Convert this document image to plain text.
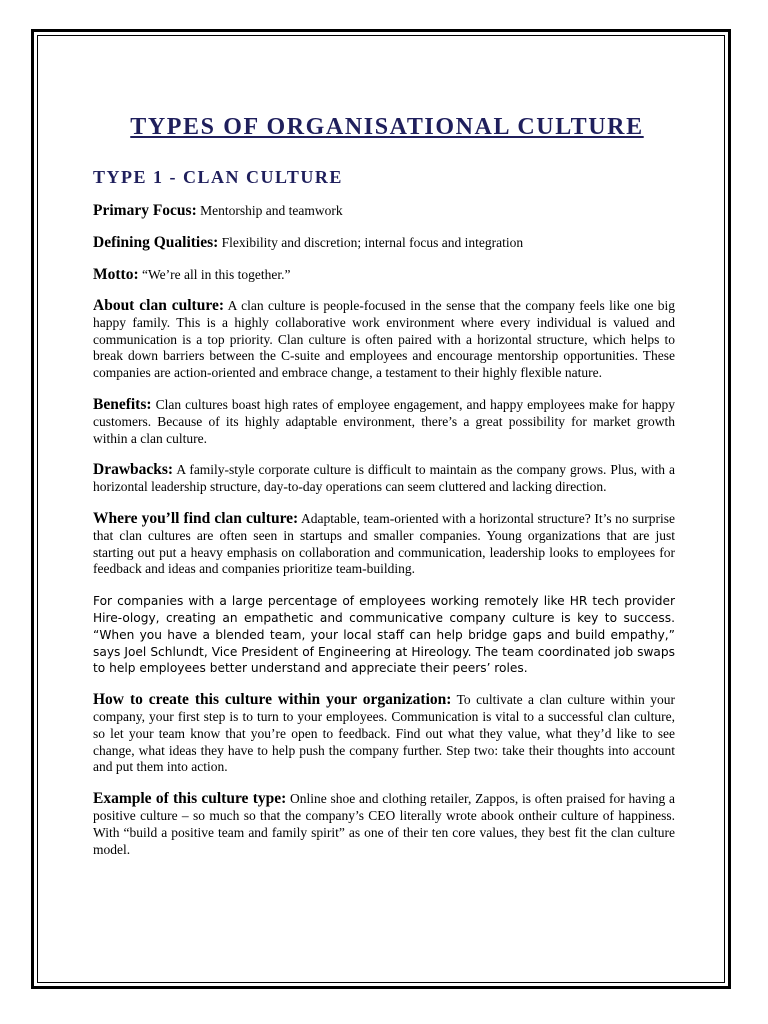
TYPES OF ORGANISATIONAL CULTURE
TYPE 1 - CLAN CULTURE

Primary Focus: Mentorship and teamwork

Defining Qualities: Flexibility and discretion; internal focus and integration

Motto: “We’re all in this together.”

About clan culture: A clan culture is people-focused in the sense that the company feels like one big happy family. This is a highly collaborative work environment where every individual is valued and communication is a top priority. Clan culture is often paired with a horizontal structure, which helps to break down barriers between the C-suite and employees and encourage mentorship opportunities. These companies are action-oriented and embrace change, a testament to their highly flexible nature.

Benefits: Clan cultures boast high rates of employee engagement, and happy employees make for happy customers. Because of its highly adaptable environment, there’s a great possibility for market growth within a clan culture.

Drawbacks: A family-style corporate culture is difficult to maintain as the company grows. Plus, with a horizontal leadership structure, day-to-day operations can seem cluttered and lacking direction.

Where you’ll find clan culture: Adaptable, team-oriented with a horizontal structure? It’s no surprise that clan cultures are often seen in startups and smaller companies. Young organizations that are just starting out put a heavy emphasis on collaboration and communication, leadership looks to employees for feedback and ideas and companies prioritize team-building.

For companies with a large percentage of employees working remotely like HR tech provider Hire-ology, creating an empathetic and communicative company culture is key to success. “When you have a blended team, your local staff can help bridge gaps and build empathy,” says Joel Schlundt, Vice President of Engineering at Hireology. The team coordinated job swaps to help employees better understand and appreciate their peers’ roles.

How to create this culture within your organization: To cultivate a clan culture within your company, your first step is to turn to your employees. Communication is vital to a successful clan culture, so let your team know that you’re open to feedback. Find out what they value, what they’d like to see change, what ideas they have to help push the company further. Step two: take their thoughts into account and put them into action.

Example of this culture type: Online shoe and clothing retailer, Zappos, is often praised for having a positive culture – so much so that the company’s CEO literally wrote abook ontheir culture of happiness. With “build a positive team and family spirit” as one of their ten core values, they best fit the clan culture model.
